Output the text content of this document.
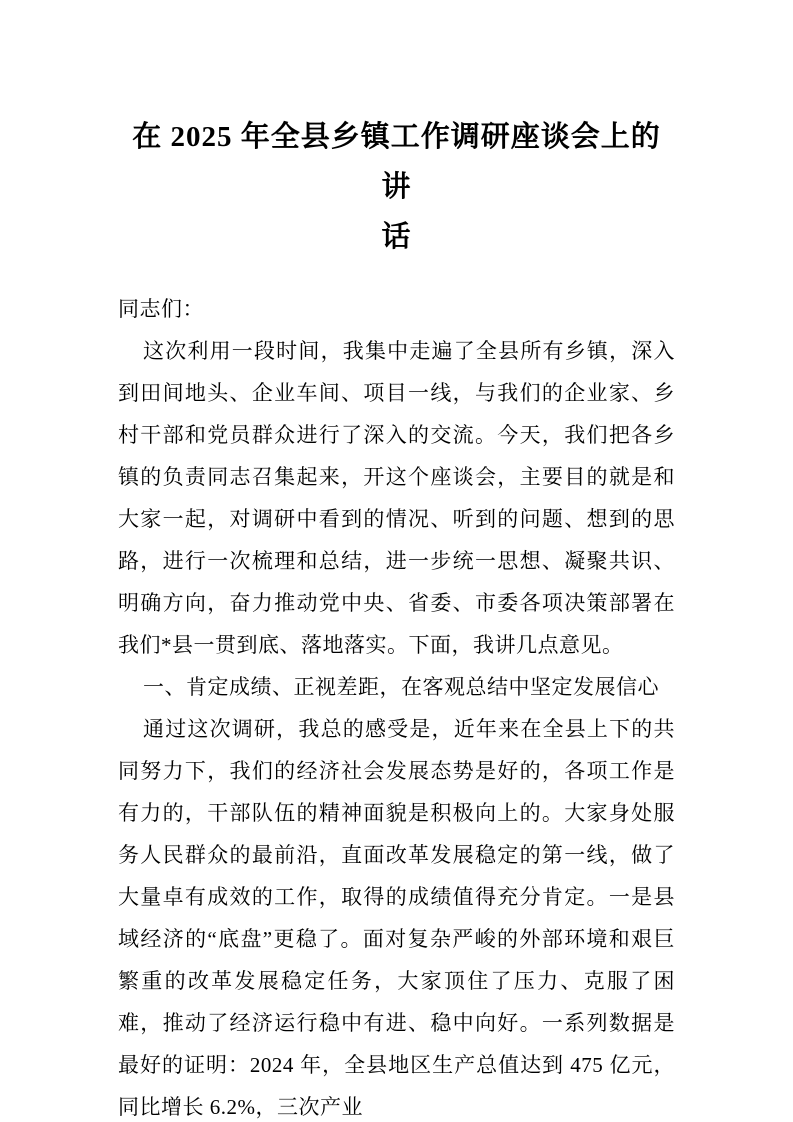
在 2025 年全县乡镇工作调研座谈会上的讲
话

同志们：

这次利用一段时间，我集中走遍了全县所有乡镇，深入到田间地头、企业车间、项目一线，与我们的企业家、乡村干部和党员群众进行了深入的交流。今天，我们把各乡镇的负责同志召集起来，开这个座谈会，主要目的就是和大家一起，对调研中看到的情况、听到的问题、想到的思路，进行一次梳理和总结，进一步统一思想、凝聚共识、明确方向，奋力推动党中央、省委、市委各项决策部署在我们*县一贯到底、落地落实。下面，我讲几点意见。

一、肯定成绩、正视差距，在客观总结中坚定发展信心

通过这次调研，我总的感受是，近年来在全县上下的共同努力下，我们的经济社会发展态势是好的，各项工作是有力的，干部队伍的精神面貌是积极向上的。大家身处服务人民群众的最前沿，直面改革发展稳定的第一线，做了大量卓有成效的工作，取得的成绩值得充分肯定。一是县域经济的“底盘”更稳了。面对复杂严峻的外部环境和艰巨繁重的改革发展稳定任务，大家顶住了压力、克服了困难，推动了经济运行稳中有进、稳中向好。一系列数据是最好的证明：2024 年，全县地区生产总值达到 475 亿元，同比增长 6.2%，三次产业
